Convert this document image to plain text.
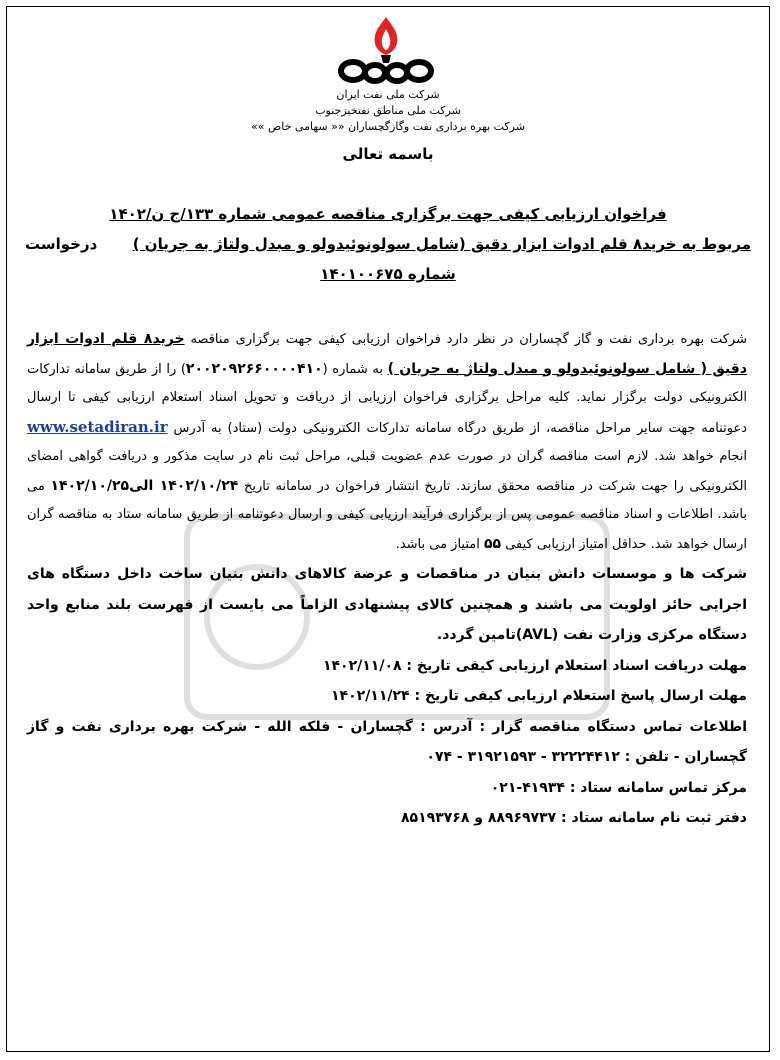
شرکت ملی نفت ایران
شرکت ملی مناطق نفتخیزجنوب
شرکت بهره برداری نفت وگازگچساران «« سهامی خاص »»
باسمه تعالی
فراخوان ارزیابی کیفی جهت برگزاری مناقصه عمومی شماره ۱۳۳/ج ن/۱۴۰۲
مربوط به خرید۸ قلم ادوات ابزار دقیق (شامل سولونوئیدولو و مبدل ولتاژ به جریان )
درخواست
شماره ۱۴۰۱۰۰۶۷۵
شرکت بهره برداری نفت و گاز گچساران در نظر دارد فراخوان ارزیابی کیفی جهت برگزاری مناقصه خرید۸ قلم ادوات ابزار دقیق ( شامل سولونوئیدولو و مبدل ولتاژ به جریان ) به شماره (۲۰۰۲۰۹۲۶۶۰۰۰۰۴۱۰) را از طریق سامانه تدارکات الکترونیکی دولت برگزار نماید. کلیه مراحل برگزاری فراخوان ارزیابی از دریافت و تحویل اسناد استعلام ارزیابی کیفی تا ارسال دعوتنامه جهت سایر مراحل مناقصه، از طریق درگاه سامانه تدارکات الکترونیکی دولت (ستاد) به آدرس www.setadiran.ir انجام خواهد شد. لازم است مناقصه گران در صورت عدم عضویت قبلی، مراحل ثبت نام در سایت مذکور و دریافت گواهی امضای الکترونیکی را جهت شرکت در مناقصه محقق سازند. تاریخ انتشار فراخوان در سامانه تاریخ ۱۴۰۲/۱۰/۲۴ الی۱۴۰۲/۱۰/۲۵ می باشد. اطلاعات و اسناد مناقصه عمومی پس از برگزاری فرآیند ارزیابی کیفی و ارسال دعوتنامه از طریق سامانه ستاد به مناقصه گران ارسال خواهد شد. حداقل امتیاز ارزیابی کیفی ۵۵ امتیاز می باشد.
شرکت ها و موسسات دانش بنیان در مناقصات و عرضة کالاهای دانش بنیان ساخت داخل دستگاه های اجرایی حائز اولویت می باشند و همچنین کالای پیشنهادی الزاماً می بایست از فهرست بلند منابع واحد دستگاه مرکزی وزارت نفت (AVL)تامین گردد.
مهلت دریافت اسناد استعلام ارزیابی کیفی تاریخ : ۱۴۰۲/۱۱/۰۸
مهلت ارسال پاسخ استعلام ارزیابی کیفی تاریخ : ۱۴۰۲/۱۱/۲۴
اطلاعات تماس دستگاه مناقصه گزار : آدرس : گچساران - فلکه الله - شرکت بهره برداری نفت و گاز گچساران - تلفن : ۳۲۲۲۴۴۱۲ - ۳۱۹۲۱۵۹۳ - ۰۷۴
مرکز تماس سامانه ستاد : ۴۱۹۳۴-۰۲۱
دفتر ثبت نام سامانه ستاد : ۸۸۹۶۹۷۳۷ و ۸۵۱۹۳۷۶۸
